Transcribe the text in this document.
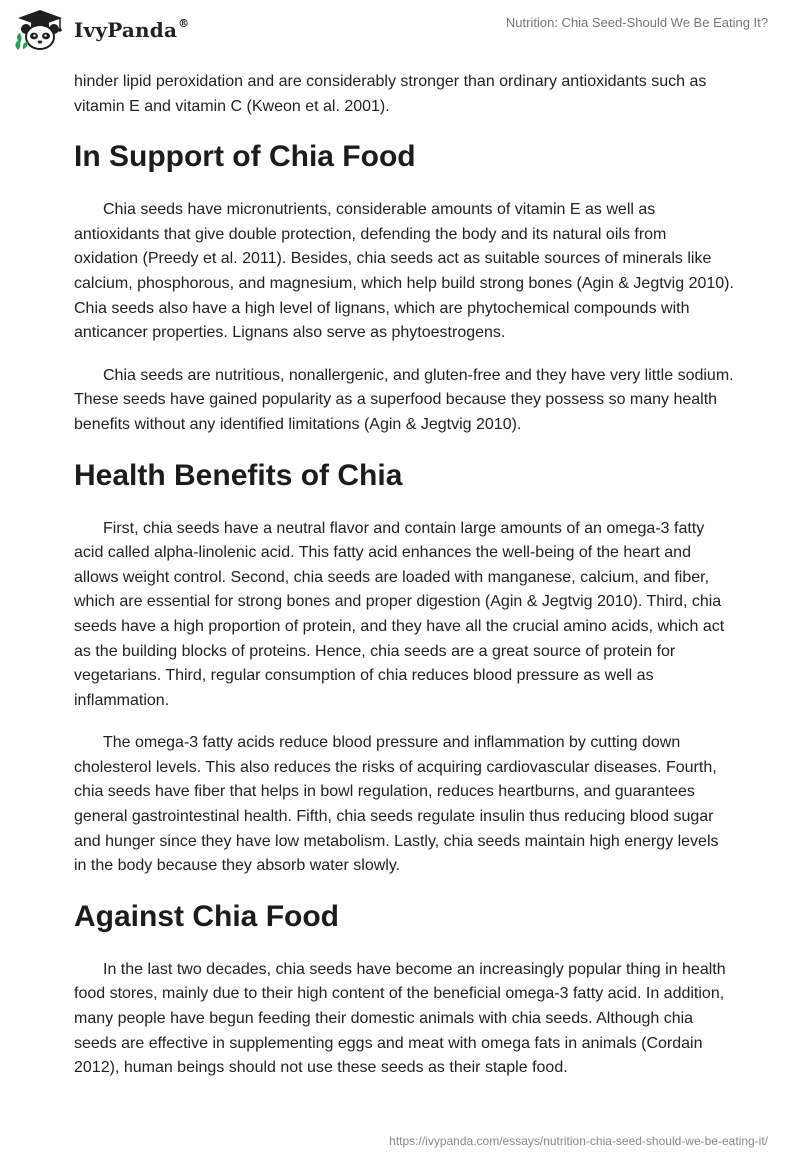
IvyPanda®	Nutrition: Chia Seed-Should We Be Eating It?

hinder lipid peroxidation and are considerably stronger than ordinary antioxidants such as vitamin E and vitamin C (Kweon et al. 2001).

In Support of Chia Food

Chia seeds have micronutrients, considerable amounts of vitamin E as well as antioxidants that give double protection, defending the body and its natural oils from oxidation (Preedy et al. 2011). Besides, chia seeds act as suitable sources of minerals like calcium, phosphorous, and magnesium, which help build strong bones (Agin & Jegtvig 2010). Chia seeds also have a high level of lignans, which are phytochemical compounds with anticancer properties. Lignans also serve as phytoestrogens.

Chia seeds are nutritious, nonallergenic, and gluten-free and they have very little sodium. These seeds have gained popularity as a superfood because they possess so many health benefits without any identified limitations (Agin & Jegtvig 2010).

Health Benefits of Chia

First, chia seeds have a neutral flavor and contain large amounts of an omega-3 fatty acid called alpha-linolenic acid. This fatty acid enhances the well-being of the heart and allows weight control. Second, chia seeds are loaded with manganese, calcium, and fiber, which are essential for strong bones and proper digestion (Agin & Jegtvig 2010). Third, chia seeds have a high proportion of protein, and they have all the crucial amino acids, which act as the building blocks of proteins. Hence, chia seeds are a great source of protein for vegetarians. Third, regular consumption of chia reduces blood pressure as well as inflammation.

The omega-3 fatty acids reduce blood pressure and inflammation by cutting down cholesterol levels. This also reduces the risks of acquiring cardiovascular diseases. Fourth, chia seeds have fiber that helps in bowl regulation, reduces heartburns, and guarantees general gastrointestinal health. Fifth, chia seeds regulate insulin thus reducing blood sugar and hunger since they have low metabolism. Lastly, chia seeds maintain high energy levels in the body because they absorb water slowly.

Against Chia Food

In the last two decades, chia seeds have become an increasingly popular thing in health food stores, mainly due to their high content of the beneficial omega-3 fatty acid. In addition, many people have begun feeding their domestic animals with chia seeds. Although chia seeds are effective in supplementing eggs and meat with omega fats in animals (Cordain 2012), human beings should not use these seeds as their staple food.

https://ivypanda.com/essays/nutrition-chia-seed-should-we-be-eating-it/
